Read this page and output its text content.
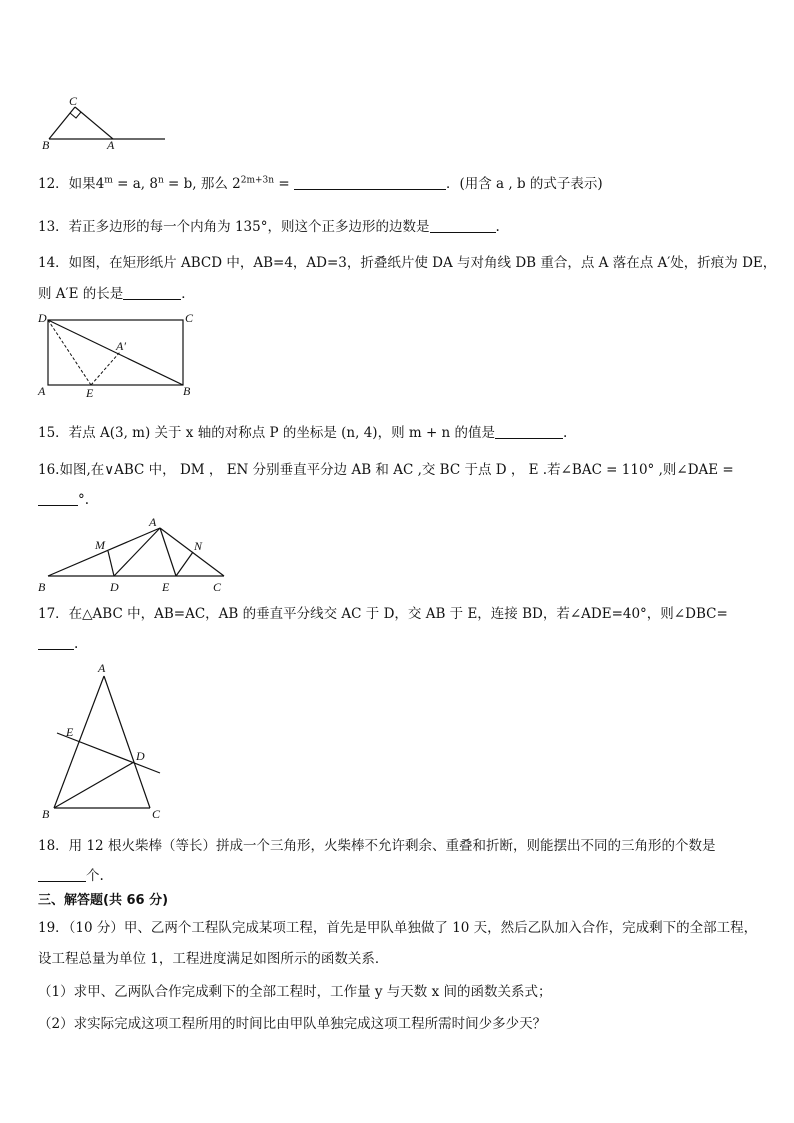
C
B	A
12．如果$4^m = a$, $8^n = b$, 那么 $2^{2m+3n}$ =	．(用含 a , b 的式子表示)
13．若正多边形的每一个内角为 135°，则这个正多边形的边数是	.
14．如图，在矩形纸片 ABCD 中，AB=4，AD=3，折叠纸片使 DA 与对角线 DB 重合，点 A 落在点 A′处，折痕为 DE，
则 A′E 的长是	．
D	C
A′
A	E	B
15．若点 A(3, m) 关于 x 轴的对称点 P 的坐标是 (n, 4)，则 m + n 的值是	.
16.如图,在∨ABC 中， DM ， EN 分别垂直平分边 AB 和 AC ,交 BC 于点 D ， E .若∠BAC = 110° ,则∠DAE =
°.
A
M	N
B	D	E	C
17．在△ABC 中，AB=AC，AB 的垂直平分线交 AC 于 D，交 AB 于 E，连接 BD，若∠ADE=40°，则∠DBC=
.
A
E
D
B	C
18．用 12 根火柴棒（等长）拼成一个三角形，火柴棒不允许剩余、重叠和折断，则能摆出不同的三角形的个数是
个.
三、解答题(共 66 分)
19．（10 分）甲、乙两个工程队完成某项工程，首先是甲队单独做了 10 天，然后乙队加入合作，完成剩下的全部工程，
设工程总量为单位 1，工程进度满足如图所示的函数关系．
（1）求甲、乙两队合作完成剩下的全部工程时，工作量 y 与天数 x 间的函数关系式；
（2）求实际完成这项工程所用的时间比由甲队单独完成这项工程所需时间少多少天？
